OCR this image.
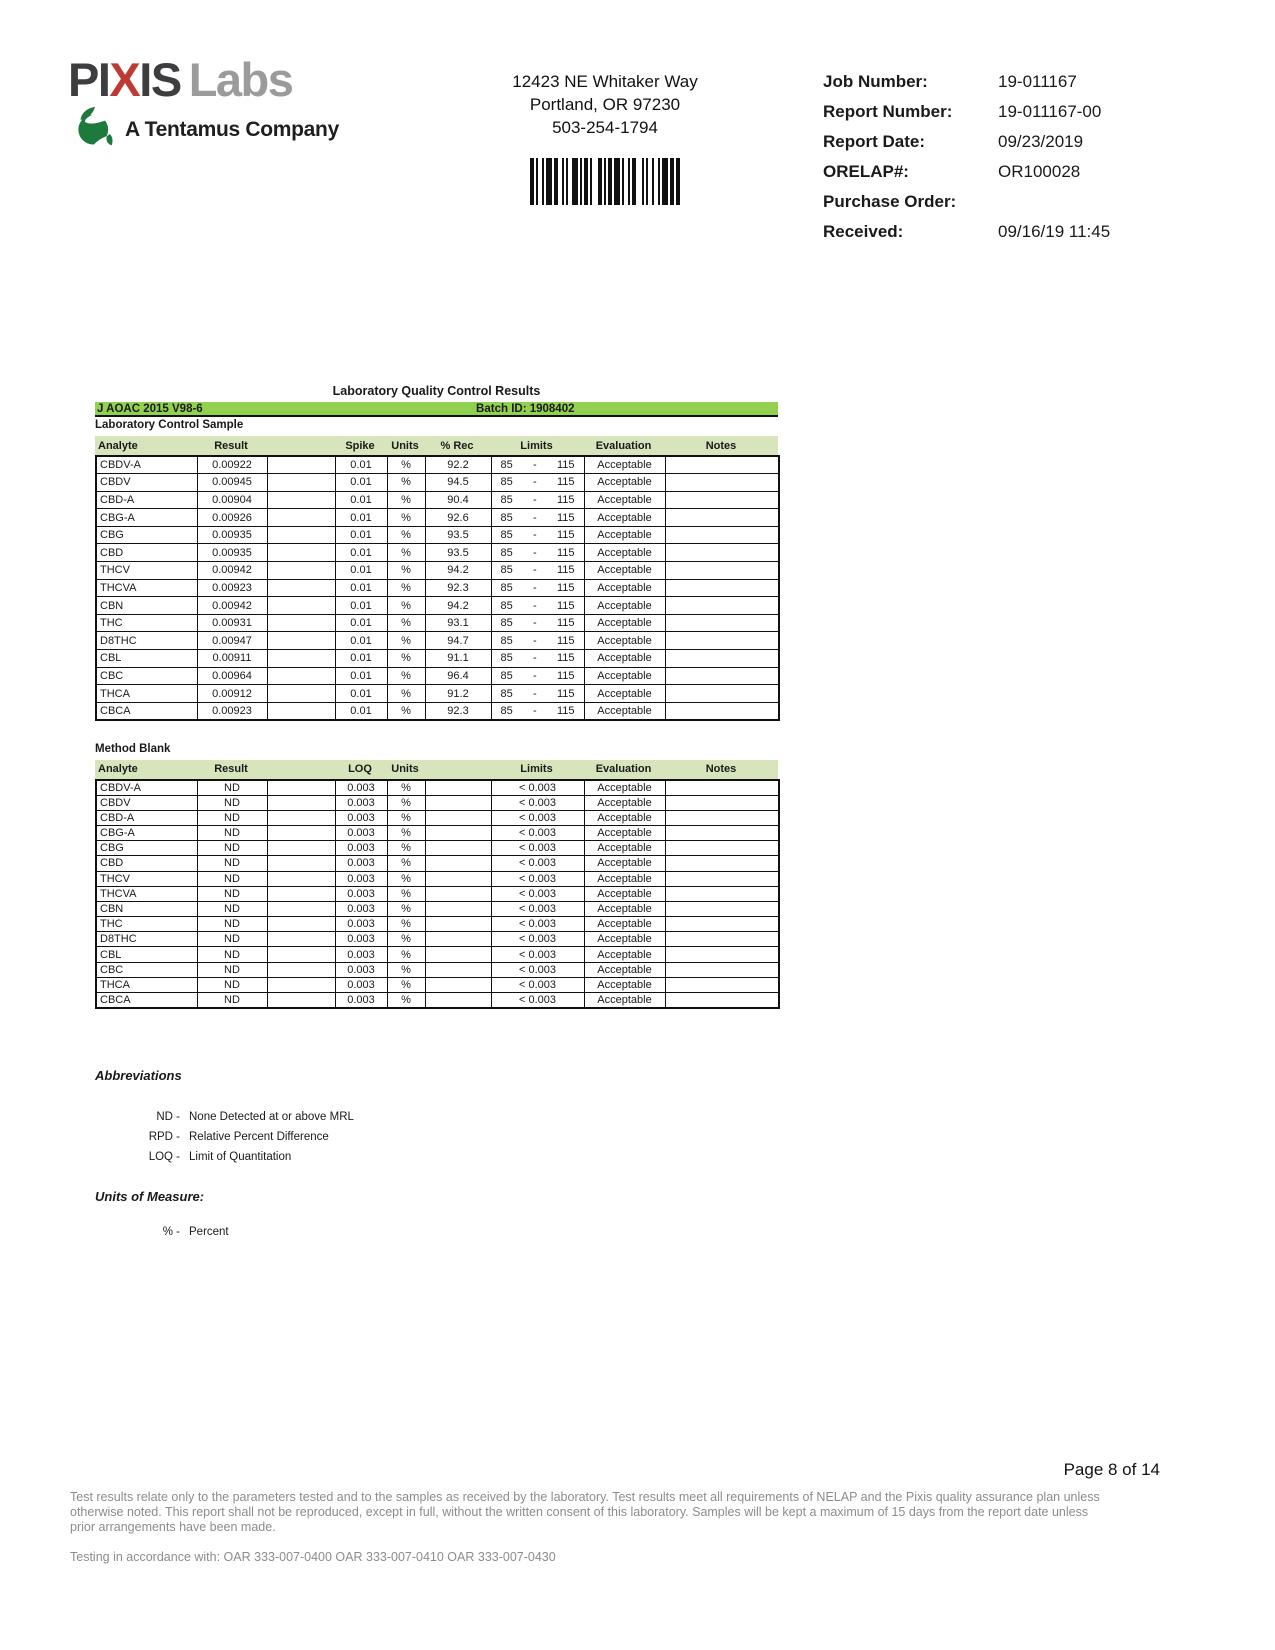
PIXIS Labs
A Tentamus Company
12423 NE Whitaker Way
Portland, OR 97230
503-254-1794
Job Number:	19-011167
Report Number:	19-011167-00
Report Date:	09/23/2019
ORELAP#:	OR100028
Purchase Order:
Received:	09/16/19 11:45
Laboratory Quality Control Results
J AOAC 2015 V98-6	Batch ID: 1908402
Laboratory Control Sample
Analyte	Result	Spike	Units	% Rec	Limits	Evaluation	Notes
CBDV-A	0.00922		0.01	%	92.2	85 - 115	Acceptable	
CBDV	0.00945		0.01	%	94.5	85 - 115	Acceptable	
CBD-A	0.00904		0.01	%	90.4	85 - 115	Acceptable	
CBG-A	0.00926		0.01	%	92.6	85 - 115	Acceptable	
CBG	0.00935		0.01	%	93.5	85 - 115	Acceptable	
CBD	0.00935		0.01	%	93.5	85 - 115	Acceptable	
THCV	0.00942		0.01	%	94.2	85 - 115	Acceptable	
THCVA	0.00923		0.01	%	92.3	85 - 115	Acceptable	
CBN	0.00942		0.01	%	94.2	85 - 115	Acceptable	
THC	0.00931		0.01	%	93.1	85 - 115	Acceptable	
D8THC	0.00947		0.01	%	94.7	85 - 115	Acceptable	
CBL	0.00911		0.01	%	91.1	85 - 115	Acceptable	
CBC	0.00964		0.01	%	96.4	85 - 115	Acceptable	
THCA	0.00912		0.01	%	91.2	85 - 115	Acceptable	
CBCA	0.00923		0.01	%	92.3	85 - 115	Acceptable	
Method Blank
Analyte	Result	LOQ	Units	Limits	Evaluation	Notes
CBDV-A	ND		0.003	%		< 0.003	Acceptable	
CBDV	ND		0.003	%		< 0.003	Acceptable	
CBD-A	ND		0.003	%		< 0.003	Acceptable	
CBG-A	ND		0.003	%		< 0.003	Acceptable	
CBG	ND		0.003	%		< 0.003	Acceptable	
CBD	ND		0.003	%		< 0.003	Acceptable	
THCV	ND		0.003	%		< 0.003	Acceptable	
THCVA	ND		0.003	%		< 0.003	Acceptable	
CBN	ND		0.003	%		< 0.003	Acceptable	
THC	ND		0.003	%		< 0.003	Acceptable	
D8THC	ND		0.003	%		< 0.003	Acceptable	
CBL	ND		0.003	%		< 0.003	Acceptable	
CBC	ND		0.003	%		< 0.003	Acceptable	
THCA	ND		0.003	%		< 0.003	Acceptable	
CBCA	ND		0.003	%		< 0.003	Acceptable	
Abbreviations
ND - None Detected at or above MRL
RPD - Relative Percent Difference
LOQ - Limit of Quantitation
Units of Measure:
% - Percent
Page 8 of 14
Test results relate only to the parameters tested and to the samples as received by the laboratory. Test results meet all requirements of NELAP and the Pixis quality assurance plan unless otherwise noted. This report shall not be reproduced, except in full, without the written consent of this laboratory. Samples will be kept a maximum of 15 days from the report date unless prior arrangements have been made.
Testing in accordance with: OAR 333-007-0400 OAR 333-007-0410 OAR 333-007-0430
